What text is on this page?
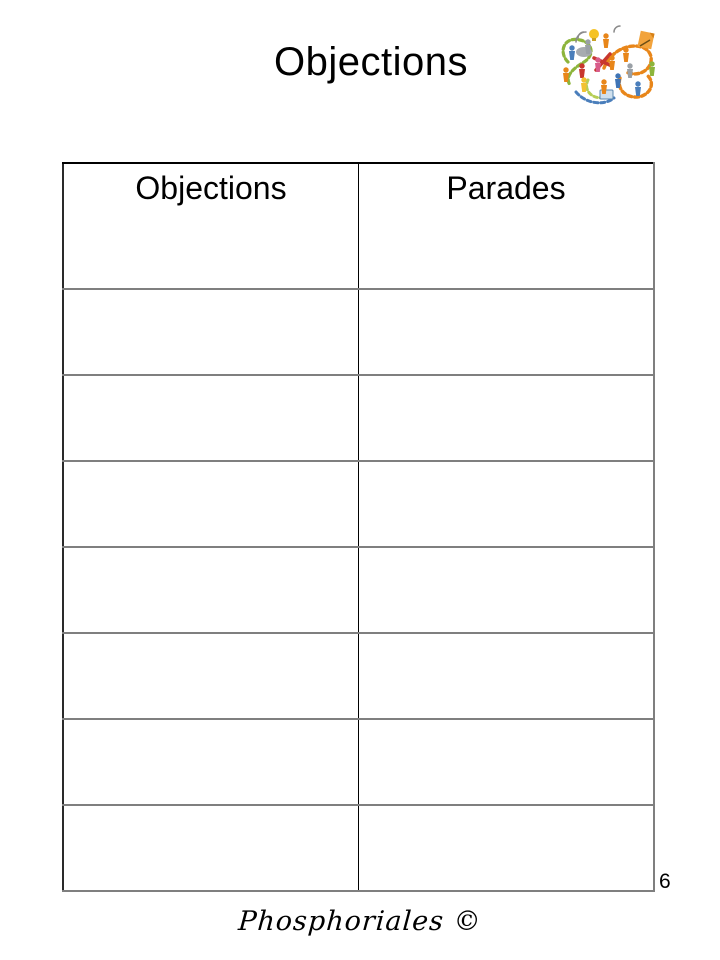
Objections
Objections	Parades

6
Phosphoriales ©
